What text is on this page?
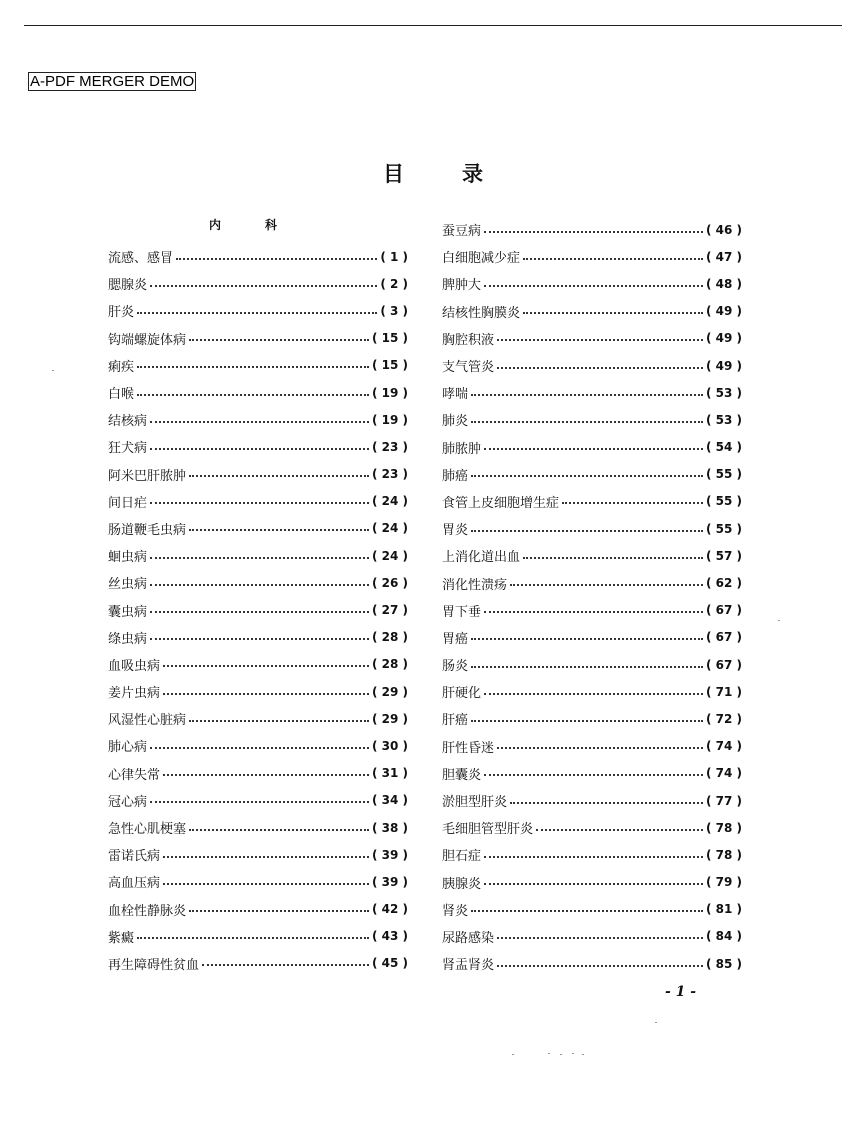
A-PDF MERGER DEMO
目	录
内	科
流感、感冒	( 1 )
腮腺炎	( 2 )
肝炎	( 3 )
钩端螺旋体病	( 15 )
痢疾	( 15 )
白喉	( 19 )
结核病	( 19 )
狂犬病	( 23 )
阿米巴肝脓肿	( 23 )
间日疟	( 24 )
肠道鞭毛虫病	( 24 )
蛔虫病	( 24 )
丝虫病	( 26 )
囊虫病	( 27 )
绦虫病	( 28 )
血吸虫病	( 28 )
姜片虫病	( 29 )
风湿性心脏病	( 29 )
肺心病	( 30 )
心律失常	( 31 )
冠心病	( 34 )
急性心肌梗塞	( 38 )
雷诺氏病	( 39 )
高血压病	( 39 )
血栓性静脉炎	( 42 )
紫癜	( 43 )
再生障碍性贫血	( 45 )
蚕豆病	( 46 )
白细胞减少症	( 47 )
脾肿大	( 48 )
结核性胸膜炎	( 49 )
胸腔积液	( 49 )
支气管炎	( 49 )
哮喘	( 53 )
肺炎	( 53 )
肺脓肿	( 54 )
肺癌	( 55 )
食管上皮细胞增生症	( 55 )
胃炎	( 55 )
上消化道出血	( 57 )
消化性溃疡	( 62 )
胃下垂	( 67 )
胃癌	( 67 )
肠炎	( 67 )
肝硬化	( 71 )
肝癌	( 72 )
肝性昏迷	( 74 )
胆囊炎	( 74 )
淤胆型肝炎	( 77 )
毛细胆管型肝炎	( 78 )
胆石症	( 78 )
胰腺炎	( 79 )
肾炎	( 81 )
尿路感染	( 84 )
肾盂肾炎	( 85 )
- 1 -
